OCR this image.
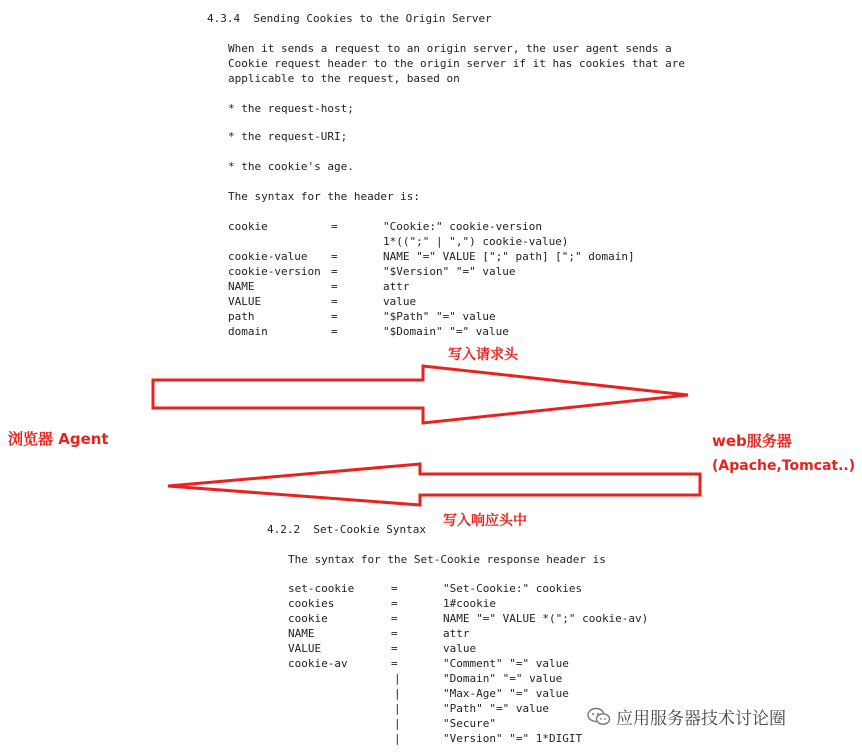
4.3.4  Sending Cookies to the Origin Server
When it sends a request to an origin server, the user agent sends a
Cookie request header to the origin server if it has cookies that are
applicable to the request, based on
* the request-host;
* the request-URI;
* the cookie's age.
The syntax for the header is:
cookie	=	"Cookie:" cookie-version
1*((";" | ",") cookie-value)
cookie-value =	NAME "=" VALUE [";" path] [";" domain]
cookie-version =	"$Version" "=" value
NAME	=	attr
VALUE	=	value
path	=	"$Path" "=" value
domain	=	"$Domain" "=" value
写入请求头
浏览器 Agent	web服务器
(Apache,Tomcat..)
写入响应头中
4.2.2  Set-Cookie Syntax
The syntax for the Set-Cookie response header is
set-cookie	=	"Set-Cookie:" cookies
cookies	=	1#cookie
cookie	=	NAME "=" VALUE *(";" cookie-av)
NAME	=	attr
VALUE	=	value
cookie-av	=	"Comment" "=" value
|	"Domain" "=" value
|	"Max-Age" "=" value
|	"Path" "=" value
|	"Secure"
|	"Version" "=" 1*DIGIT
应用服务器技术讨论圈
